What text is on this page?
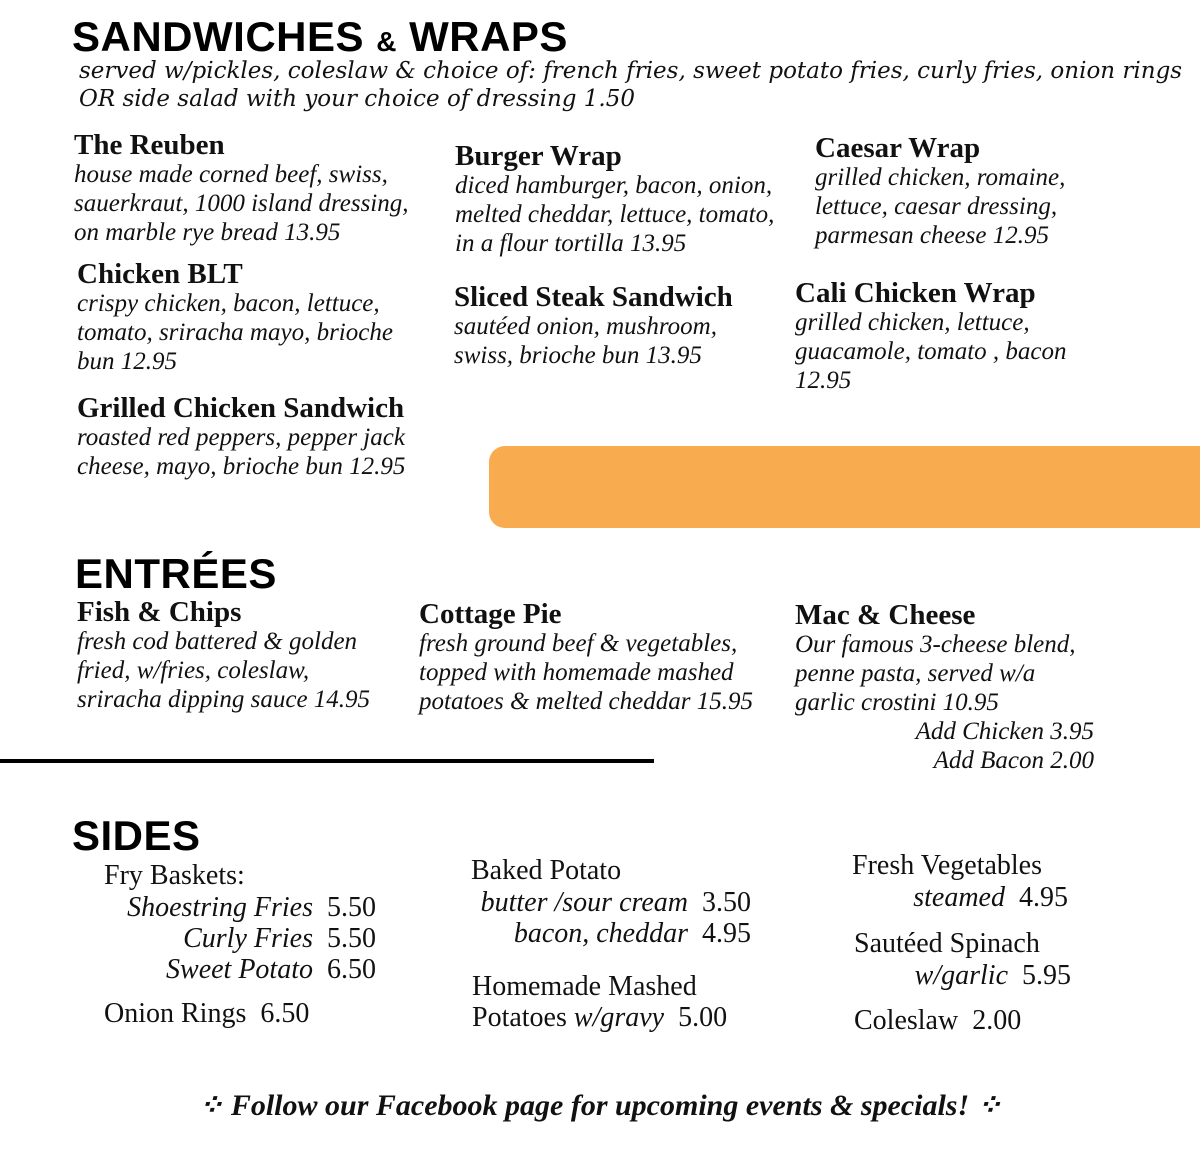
SANDWICHES & WRAPS
served w/pickles, coleslaw & choice of: french fries, sweet potato fries, curly fries, onion rings
OR side salad with your choice of dressing 1.50
The Reuben
house made corned beef, swiss,
sauerkraut, 1000 island dressing,
on marble rye bread 13.95
Chicken BLT
crispy chicken, bacon, lettuce,
tomato, sriracha mayo, brioche
bun 12.95
Grilled Chicken Sandwich
roasted red peppers, pepper jack
cheese, mayo, brioche bun 12.95
Burger Wrap
diced hamburger, bacon, onion,
melted cheddar, lettuce, tomato,
in a flour tortilla 13.95
Sliced Steak Sandwich
sautéed onion, mushroom,
swiss, brioche bun 13.95
Caesar Wrap
grilled chicken, romaine,
lettuce, caesar dressing,
parmesan cheese 12.95
Cali Chicken Wrap
grilled chicken, lettuce,
guacamole, tomato , bacon
12.95
ENTRÉES
Fish & Chips
fresh cod battered & golden
fried, w/fries, coleslaw,
sriracha dipping sauce 14.95
Cottage Pie
fresh ground beef & vegetables,
topped with homemade mashed
potatoes & melted cheddar 15.95
Mac & Cheese
Our famous 3-cheese blend,
penne pasta, served w/a
garlic crostini 10.95
Add Chicken 3.95
Add Bacon 2.00
SIDES
Fry Baskets:
Shoestring Fries 5.50
Curly Fries 5.50
Sweet Potato 6.50
Onion Rings 6.50
Baked Potato
butter /sour cream 3.50
bacon, cheddar 4.95
Homemade Mashed
Potatoes w/gravy 5.00
Fresh Vegetables
steamed 4.95
Sautéed Spinach
w/garlic 5.95
Coleslaw 2.00
⁘ Follow our Facebook page for upcoming events & specials! ⁘
